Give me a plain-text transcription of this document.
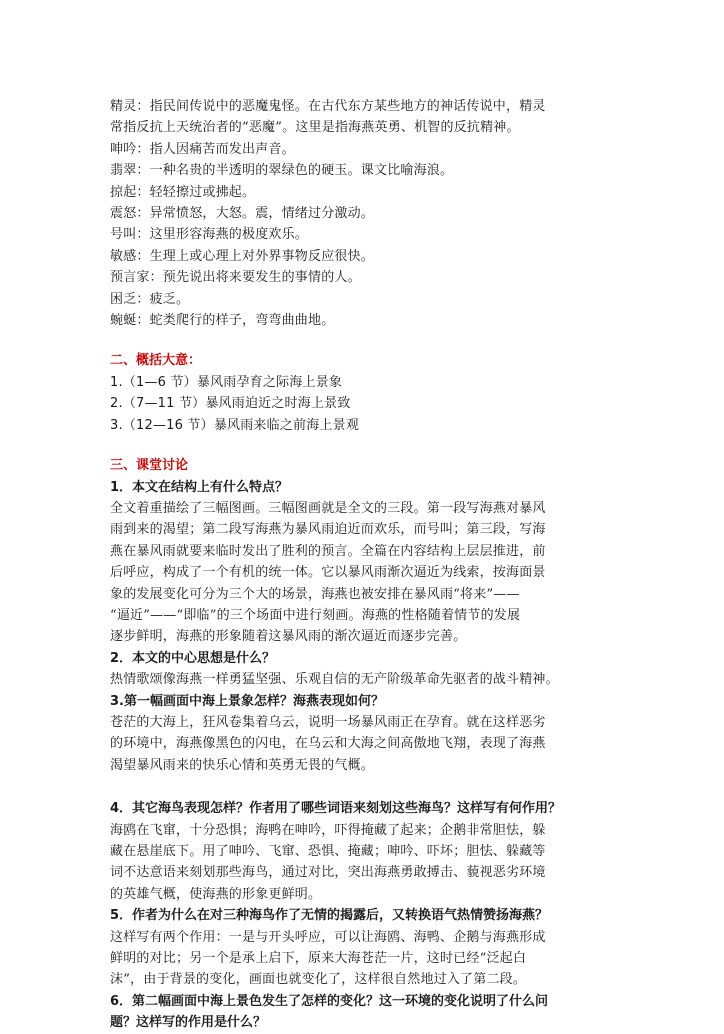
精灵：指民间传说中的恶魔鬼怪。在古代东方某些地方的神话传说中，精灵
常指反抗上天统治者的“恶魔”。这里是指海燕英勇、机智的反抗精神。
呻吟：指人因痛苦而发出声音。
翡翠：一种名贵的半透明的翠绿色的硬玉。课文比喻海浪。
掠起：轻轻擦过或拂起。
震怒：异常愤怒，大怒。震，情绪过分激动。
号叫：这里形容海燕的极度欢乐。
敏感：生理上或心理上对外界事物反应很快。
预言家：预先说出将来要发生的事情的人。
困乏：疲乏。
蜿蜒：蛇类爬行的样子，弯弯曲曲地。
二、概括大意：
1.（1—6 节）暴风雨孕育之际海上景象
2.（7—11 节）暴风雨迫近之时海上景致
3.（12—16 节）暴风雨来临之前海上景观
三、课堂讨论
1．本文在结构上有什么特点？
全文着重描绘了三幅图画。三幅图画就是全文的三段。第一段写海燕对暴风
雨到来的渴望；第二段写海燕为暴风雨迫近而欢乐，而号叫；第三段，写海
燕在暴风雨就要来临时发出了胜利的预言。全篇在内容结构上层层推进，前
后呼应，构成了一个有机的统一体。它以暴风雨渐次逼近为线索，按海面景
象的发展变化可分为三个大的场景，海燕也被安排在暴风雨“将来”——
“逼近”——“即临”的三个场面中进行刻画。海燕的性格随着情节的发展
逐步鲜明，海燕的形象随着这暴风雨的渐次逼近而逐步完善。
2．本文的中心思想是什么？
热情歌颂像海燕一样勇猛坚强、乐观自信的无产阶级革命先驱者的战斗精神。
3.第一幅画面中海上景象怎样？海燕表现如何？
苍茫的大海上，狂风卷集着乌云，说明一场暴风雨正在孕育。就在这样恶劣
的环境中，海燕像黑色的闪电，在乌云和大海之间高傲地飞翔，表现了海燕
渴望暴风雨来的快乐心情和英勇无畏的气概。
4．其它海鸟表现怎样？作者用了哪些词语来刻划这些海鸟？这样写有何作用？
海鸥在飞窜，十分恐惧；海鸭在呻吟，吓得掩藏了起来；企鹅非常胆怯，躲
藏在悬崖底下。用了呻吟、飞窜、恐惧、掩藏；呻吟、吓坏；胆怯、躲藏等
词不达意语来刻划那些海鸟，通过对比，突出海燕勇敢搏击、藐视恶劣环境
的英雄气概，使海燕的形象更鲜明。
5．作者为什么在对三种海鸟作了无情的揭露后，又转换语气热情赞扬海燕？
这样写有两个作用：一是与开头呼应，可以让海鸥、海鸭、企鹅与海燕形成
鲜明的对比；另一个是承上启下，原来大海苍茫一片，这时已经“泛起白
沫”，由于背景的变化，画面也就变化了，这样很自然地过入了第二段。
6．第二幅画面中海上景色发生了怎样的变化？这一环境的变化说明了什么问
题？这样写的作用是什么？
